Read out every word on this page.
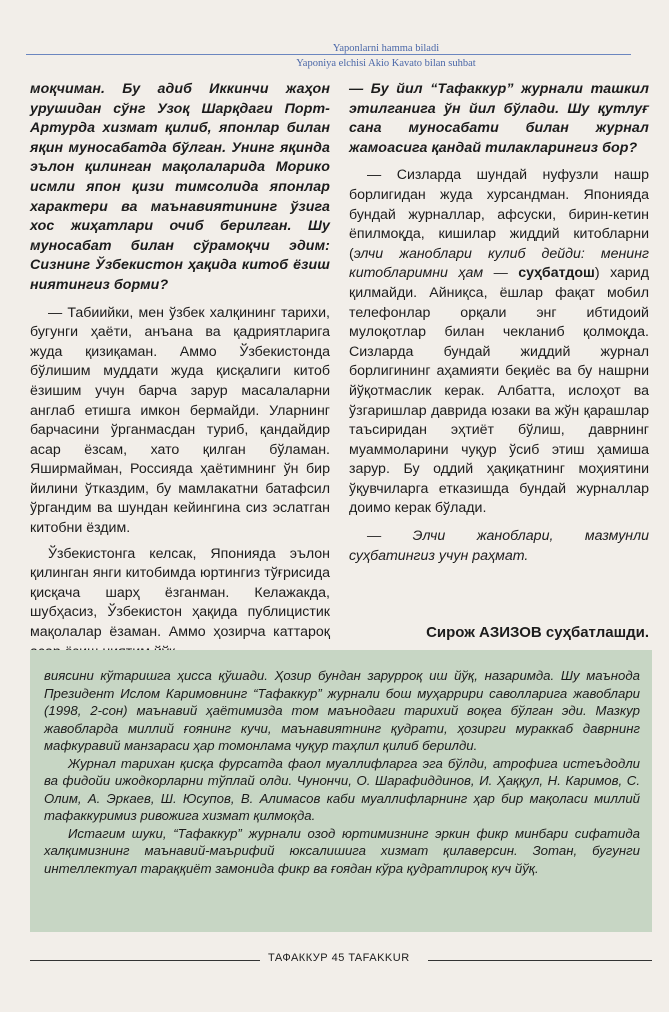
Yaponlarni hamma biladi
Yaponiya elchisi Akio Kavato bilan suhbat

моқчиман. Бу адиб Иккинчи жаҳон урушидан сўнг Узоқ Шарқдаги Порт-Артурда хизмат қилиб, японлар билан яқин муносабатда бўлган. Унинг яқинда эълон қилинган мақолаларида Морико исмли япон қизи тимсолида японлар характери ва маънавиятининг ўзига хос жиҳатлари очиб берилган. Шу муносабат билан сўрамоқчи эдим: Сизнинг Ўзбекистон ҳақида китоб ёзиш ниятингиз борми?

— Табиийки, мен ўзбек халқининг тарихи, бугунги ҳаёти, анъана ва қадриятларига жуда қизиқаман. Аммо Ўзбекистонда бўлишим муддати жуда қисқалиги китоб ёзишим учун барча зарур масалаларни англаб етишга имкон бермайди. Уларнинг барчасини ўрганмасдан туриб, қандайдир асар ёзсам, хато қилган бўламан. Яширмайман, Россияда ҳаётимнинг ўн бир йилини ўтказдим, бу мамлакатни батафсил ўргандим ва шундан кейингина сиз эслатган китобни ёздим.

Ўзбекистонга келсак, Японияда эълон қилинган янги китобимда юртингиз тўғрисида қисқача шарҳ ёзганман. Келажакда, шубҳасиз, Ўзбекистон ҳақида публицистик мақолалар ёзаман. Аммо ҳозирча каттароқ

— Бу йил “Тафаккур” журнали ташкил этилганига ўн йил бўлади. Шу қутлуғ сана муносабати билан журнал жамоасига қандай тилакларингиз бор?

— Сизларда шундай нуфузли нашр борлигидан жуда хурсандман. Японияда бундай журналлар, афсуски, бирин-кетин ёпилмоқда, кишилар жиддий китобларни (элчи жаноблари кулиб дейди: менинг китобларимни ҳам — суҳбатдош) харид қилмайди. Айниқса, ёшлар фақат мобил телефонлар орқали энг ибтидоий мулоқотлар билан чекланиб қолмоқда. Сизларда бундай жиддий журнал борлигининг аҳамияти беқиёс ва бу нашрни йўқотмаслик керак. Албатта, ислоҳот ва ўзгаришлар даврида юзаки ва жўн қарашлар таъсиридан эҳтиёт бўлиш, даврнинг муаммоларини чуқур ўсиб этиш ҳамиша зарур. Бу оддий ҳақиқатнинг моҳиятини ўқувчиларга етказишда бундай журналлар доимо керак бўлади.

— Элчи жаноблари, мазмунли суҳбатингиз учун раҳмат.

Сирож АЗИЗОВ суҳбатлашди.

виясини кўтаришга ҳисса қўшади. Ҳозир бундан зарурроқ иш йўқ, назаримда. Шу маънода Президент Ислом Каримовнинг “Тафаккур” журнали бош муҳаррири саволларига жавоблари (1998, 2-сон) маънавий ҳаётимизда том маънодаги тарихий воқеа бўлган эди. Мазкур жавобларда миллий ғоянинг кучи, маънавиятнинг қудрати, ҳозирги мураккаб даврнинг мафкуравий манзараси ҳар томонлама чуқур таҳлил қилиб берилди.

Журнал тарихан қисқа фурсатда фаол муаллифларга эга бўлди, атрофига истеъдодли ва фидойи ижодкорларни тўплай олди. Чунончи, О. Шарафиддинов, И. Ҳаққул, Н. Каримов, С. Олим, А. Эркаев, Ш. Юсупов, В. Алимасов каби муаллифларнинг ҳар бир мақоласи миллий тафаккуримиз ривожига хизмат қилмоқда.

Истагим шуки, “Тафаккур” журнали озод юртимизнинг эркин фикр минбари сифатида халқимизнинг маънавий-маърифий юксалишига хизмат қилаверсин. Зотан, бугунги интеллектуал тараққиёт замонида фикр ва ғоядан кўра қудратлироқ куч йўқ.

ТАФАККУР 45 TAFAKKUR
